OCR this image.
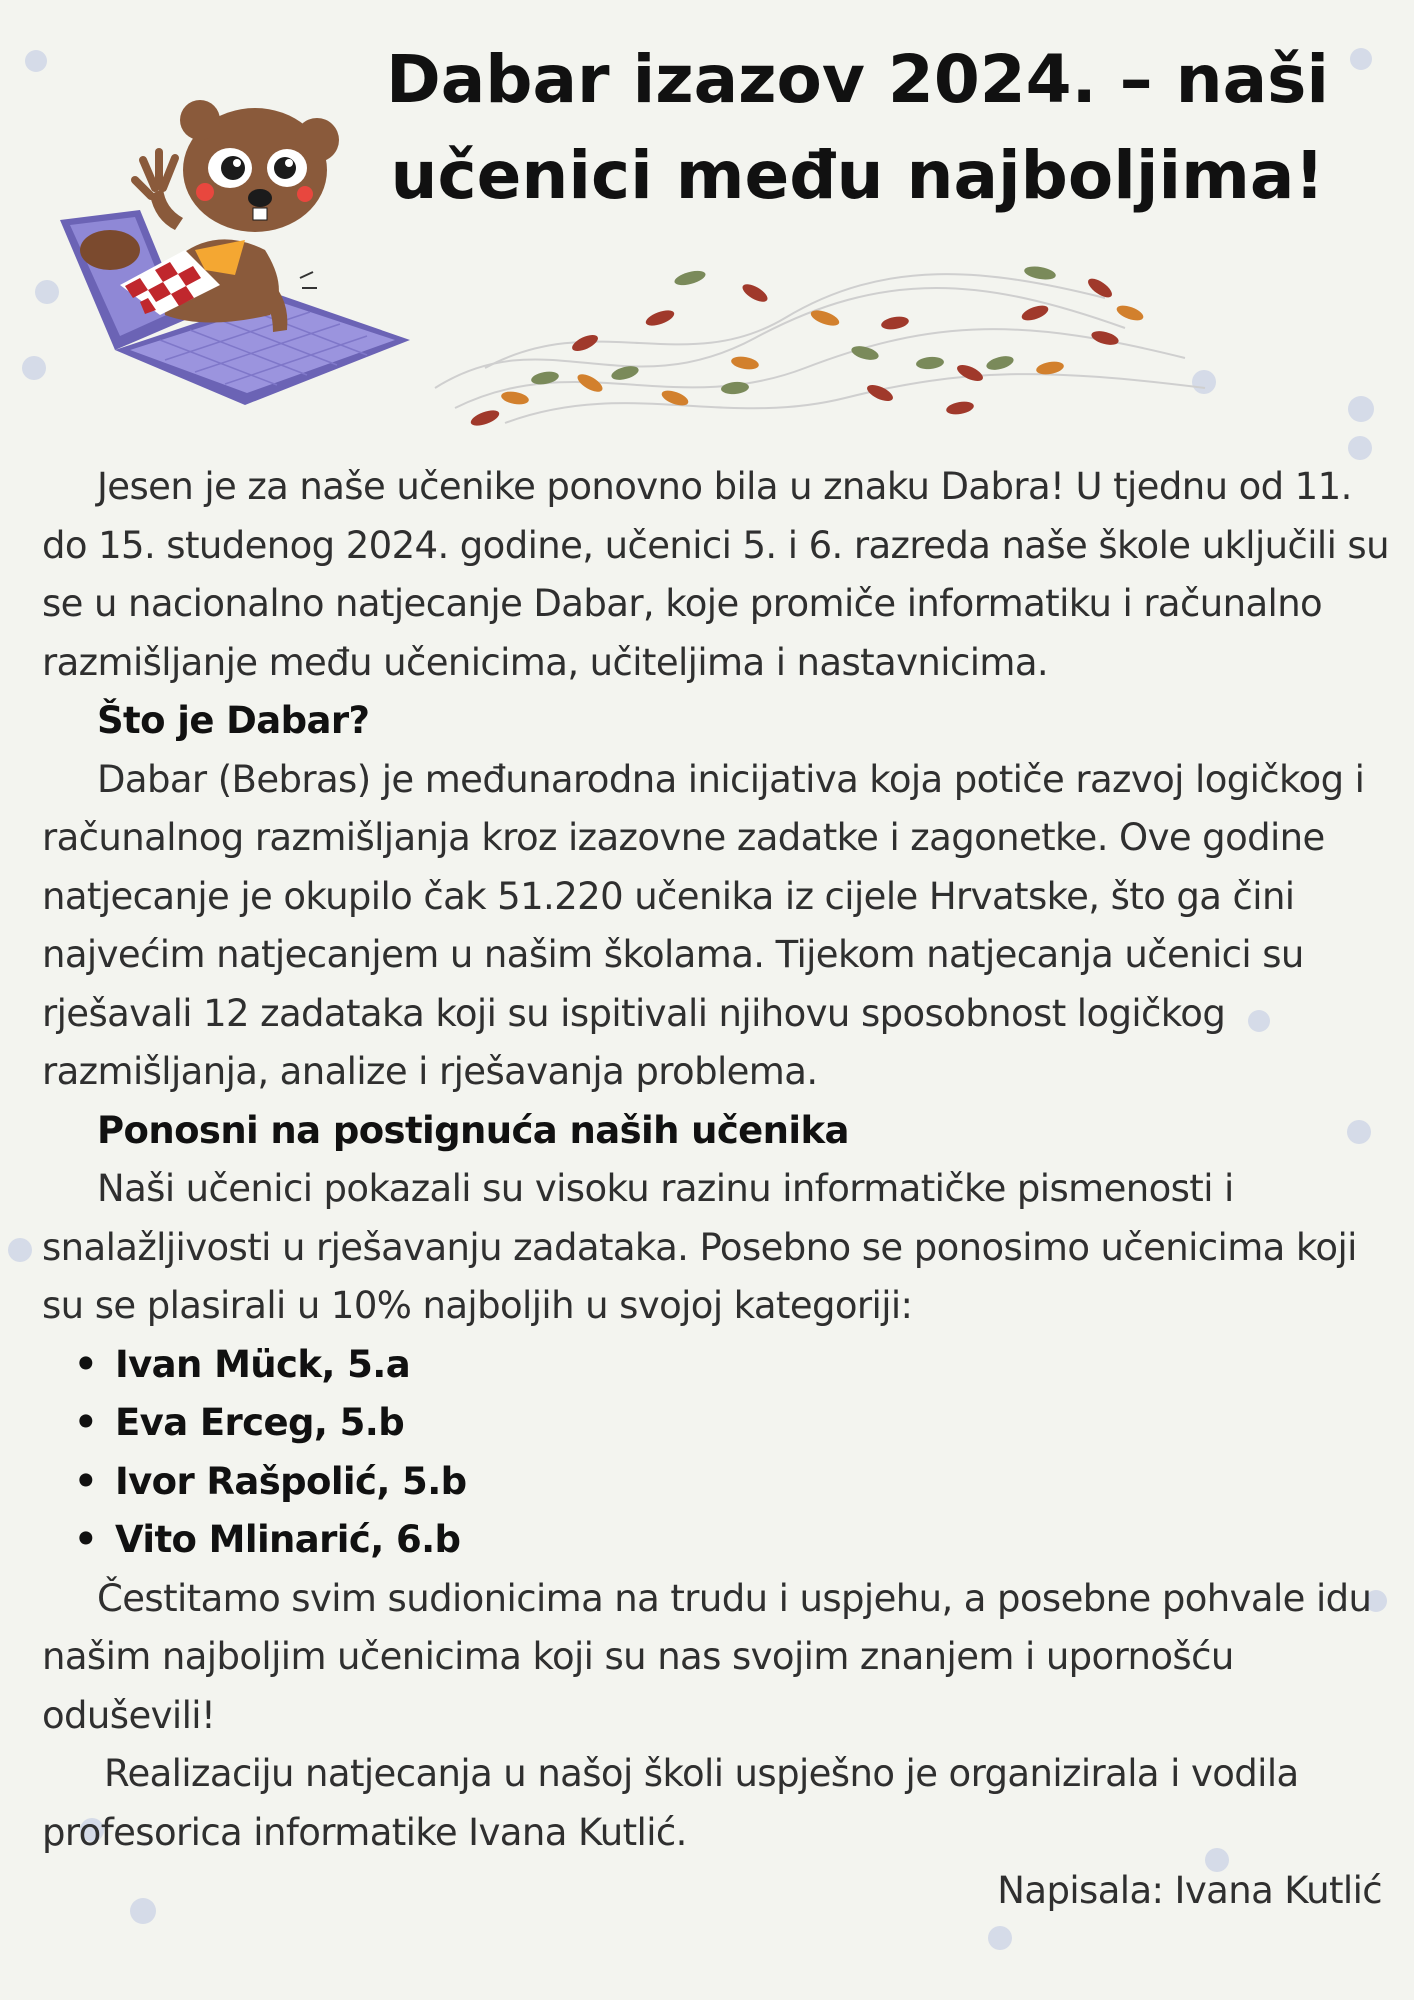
Dabar izazov 2024. – naši učenici među najboljima!

Jesen je za naše učenike ponovno bila u znaku Dabra! U tjednu od 11. do 15. studenog 2024. godine, učenici 5. i 6. razreda naše škole uključili su se u nacionalno natjecanje Dabar, koje promiče informatiku i računalno razmišljanje među učenicima, učiteljima i nastavnicima.

Što je Dabar?

Dabar (Bebras) je međunarodna inicijativa koja potiče razvoj logičkog i računalnog razmišljanja kroz izazovne zadatke i zagonetke. Ove godine natjecanje je okupilo čak 51.220 učenika iz cijele Hrvatske, što ga čini najvećim natjecanjem u našim školama. Tijekom natjecanja učenici su rješavali 12 zadataka koji su ispitivali njihovu sposobnost logičkog razmišljanja, analize i rješavanja problema.

Ponosni na postignuća naših učenika

Naši učenici pokazali su visoku razinu informatičke pismenosti i snalažljivosti u rješavanju zadataka. Posebno se ponosimo učenicima koji su se plasirali u 10% najboljih u svojoj kategoriji:

• Ivan Mück, 5.a
• Eva Erceg, 5.b
• Ivor Rašpolić, 5.b
• Vito Mlinarić, 6.b

Čestitamo svim sudionicima na trudu i uspjehu, a posebne pohvale idu našim najboljim učenicima koji su nas svojim znanjem i upornošću oduševili!

Realizaciju natjecanja u našoj školi uspješno je organizirala i vodila profesorica informatike Ivana Kutlić.

Napisala: Ivana Kutlić
